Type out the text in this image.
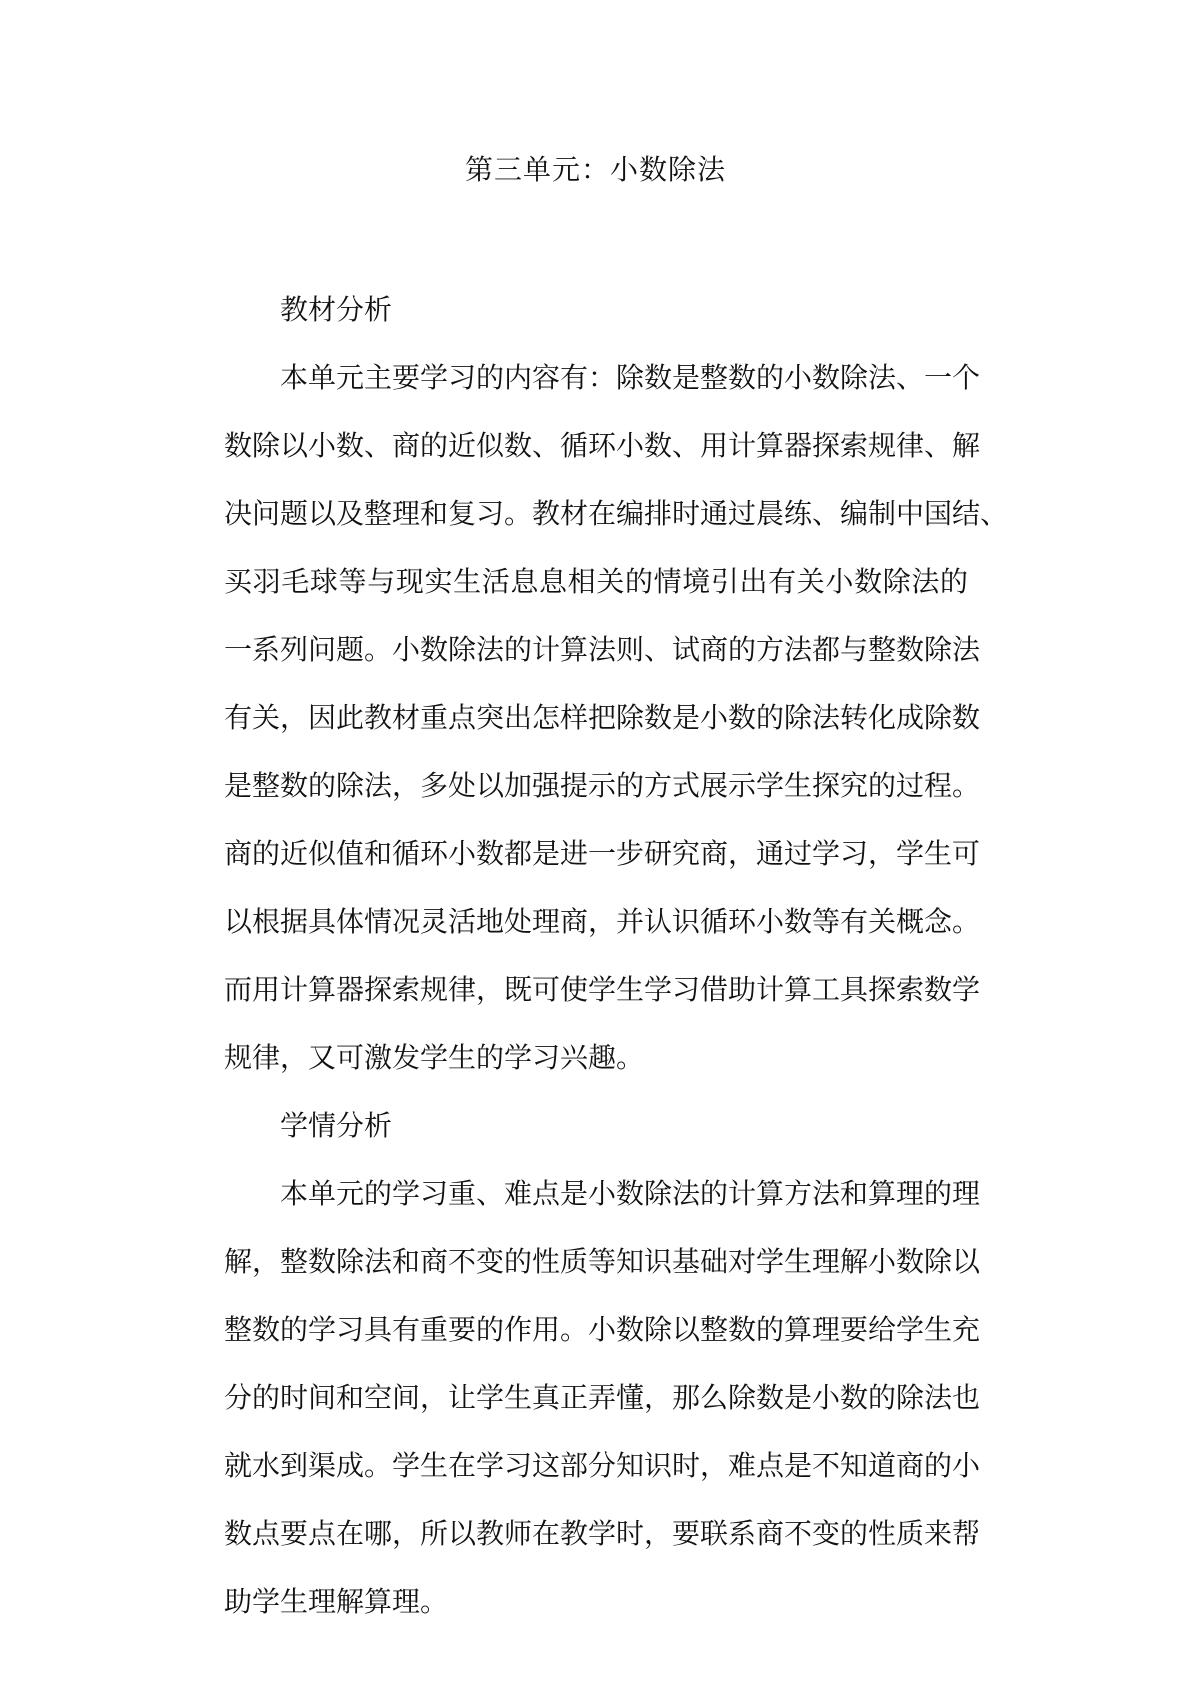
第三单元：小数除法
教材分析
本单元主要学习的内容有：除数是整数的小数除法、一个
数除以小数、商的近似数、循环小数、用计算器探索规律、解
决问题以及整理和复习。教材在编排时通过晨练、编制中国结、
买羽毛球等与现实生活息息相关的情境引出有关小数除法的
一系列问题。小数除法的计算法则、试商的方法都与整数除法
有关，因此教材重点突出怎样把除数是小数的除法转化成除数
是整数的除法，多处以加强提示的方式展示学生探究的过程。
商的近似值和循环小数都是进一步研究商，通过学习，学生可
以根据具体情况灵活地处理商，并认识循环小数等有关概念。
而用计算器探索规律，既可使学生学习借助计算工具探索数学
规律，又可激发学生的学习兴趣。
学情分析
本单元的学习重、难点是小数除法的计算方法和算理的理
解，整数除法和商不变的性质等知识基础对学生理解小数除以
整数的学习具有重要的作用。小数除以整数的算理要给学生充
分的时间和空间，让学生真正弄懂，那么除数是小数的除法也
就水到渠成。学生在学习这部分知识时，难点是不知道商的小
数点要点在哪，所以教师在教学时，要联系商不变的性质来帮
助学生理解算理。
